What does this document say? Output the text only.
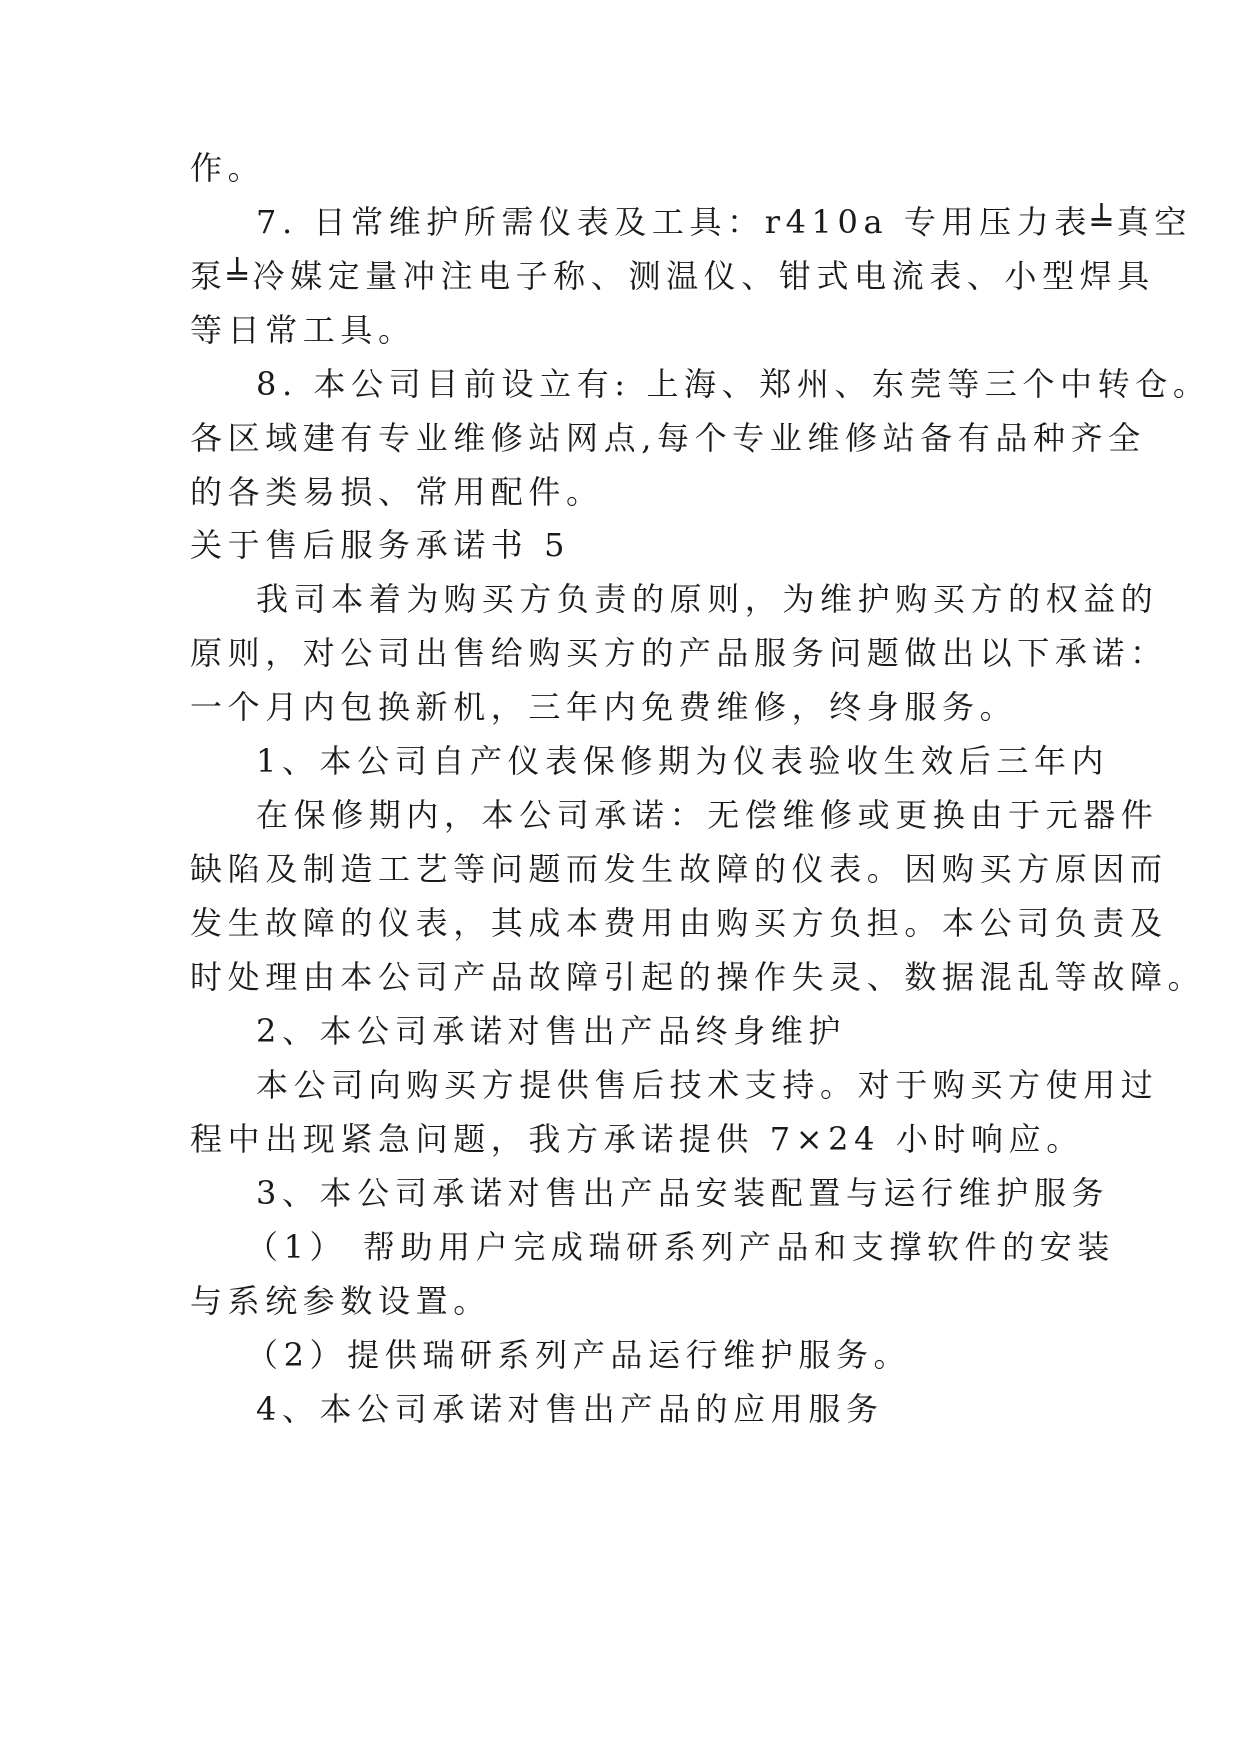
作。
7. 日常维护所需仪表及工具：r410a 专用压力表╧真空
泵╧冷媒定量冲注电子称、测温仪、钳式电流表、小型焊具
等日常工具。
8. 本公司目前设立有: 上海、郑州、东莞等三个中转仓。
各区域建有专业维修站网点,每个专业维修站备有品种齐全
的各类易损、常用配件。
关于售后服务承诺书 5
我司本着为购买方负责的原则，为维护购买方的权益的
原则，对公司出售给购买方的产品服务问题做出以下承诺：
一个月内包换新机，三年内免费维修，终身服务。
1、本公司自产仪表保修期为仪表验收生效后三年内
在保修期内，本公司承诺：无偿维修或更换由于元器件
缺陷及制造工艺等问题而发生故障的仪表。因购买方原因而
发生故障的仪表，其成本费用由购买方负担。本公司负责及
时处理由本公司产品故障引起的操作失灵、数据混乱等故障。
2、本公司承诺对售出产品终身维护
本公司向购买方提供售后技术支持。对于购买方使用过
程中出现紧急问题，我方承诺提供 7×24 小时响应。
3、本公司承诺对售出产品安装配置与运行维护服务
（1） 帮助用户完成瑞研系列产品和支撑软件的安装
与系统参数设置。
（2）提供瑞研系列产品运行维护服务。
4、本公司承诺对售出产品的应用服务
